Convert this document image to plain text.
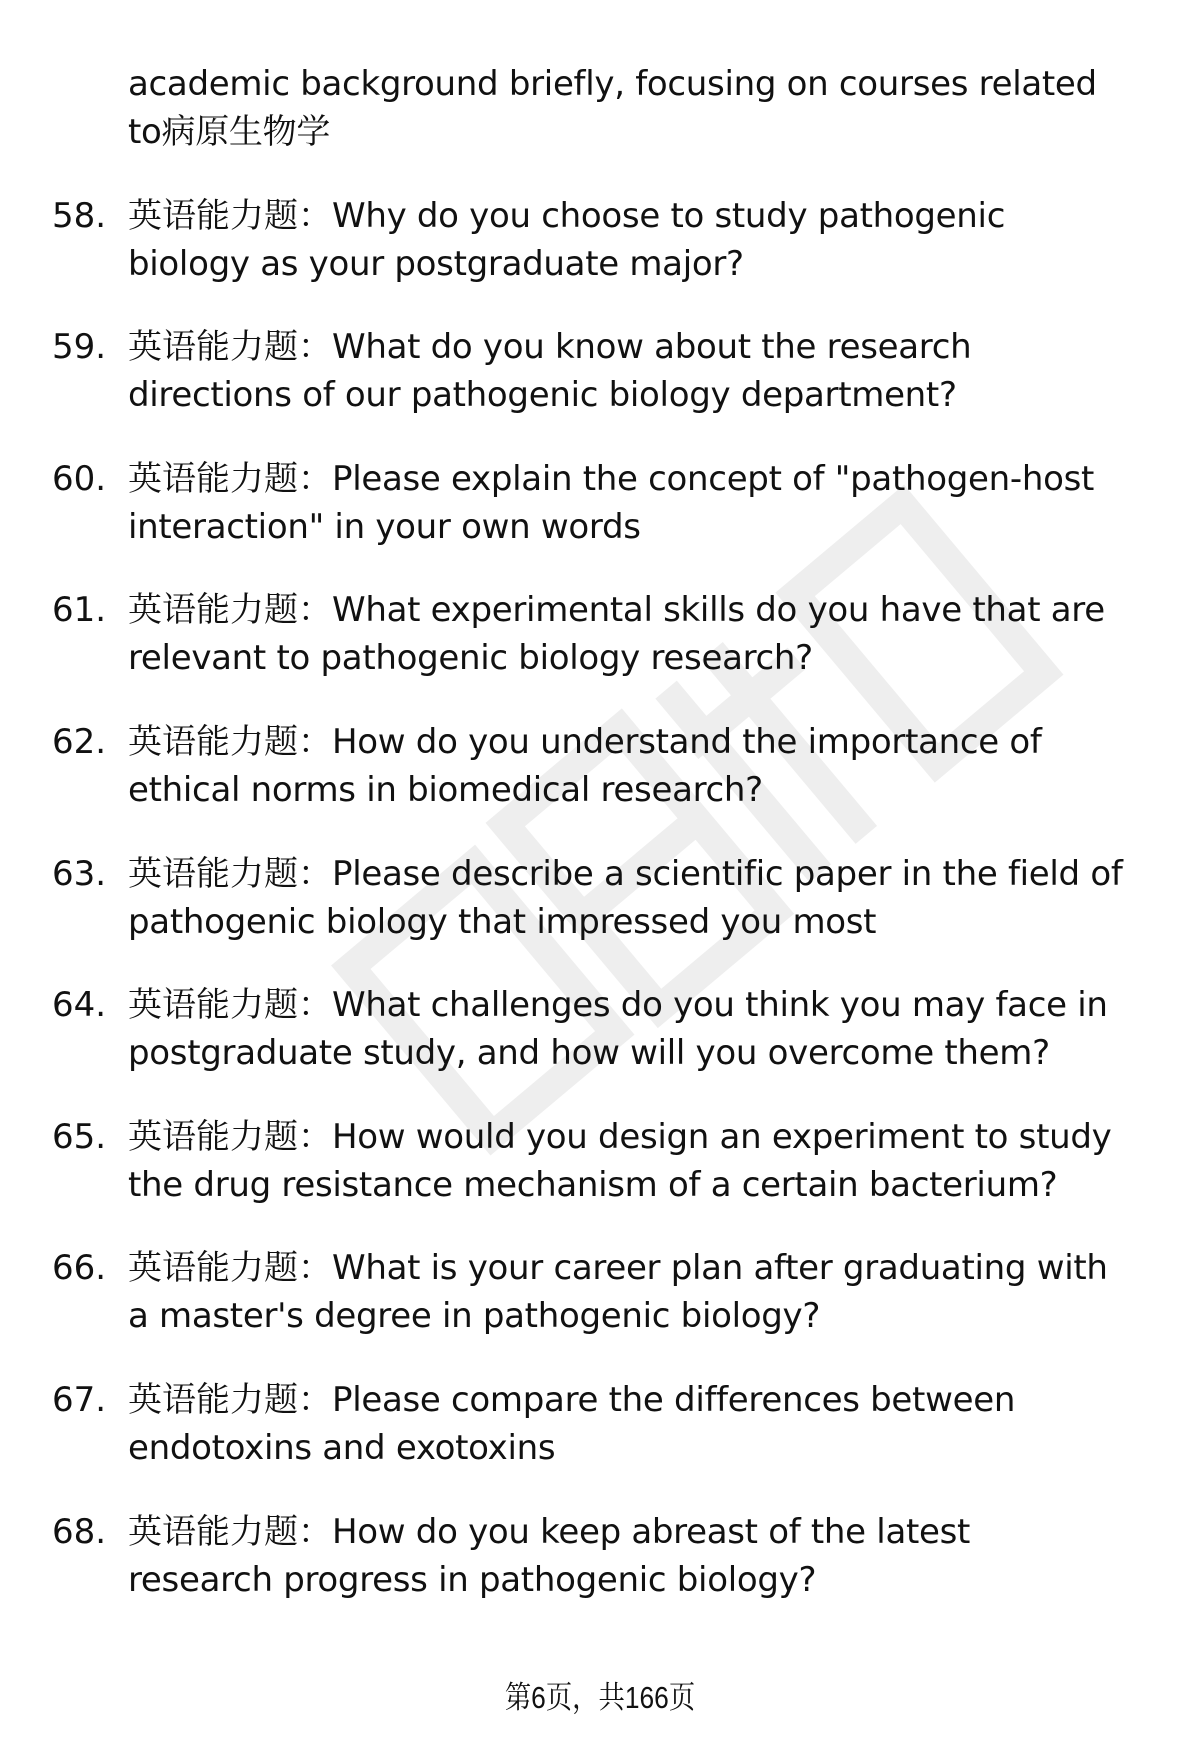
academic background briefly, focusing on courses related
to病原生物学
58. 英语能力题：Why do you choose to study pathogenic
biology as your postgraduate major?
59. 英语能力题：What do you know about the research
directions of our pathogenic biology department?
60. 英语能力题：Please explain the concept of "pathogen-host
interaction" in your own words
61. 英语能力题：What experimental skills do you have that are
relevant to pathogenic biology research?
62. 英语能力题：How do you understand the importance of
ethical norms in biomedical research?
63. 英语能力题：Please describe a scientific paper in the field of
pathogenic biology that impressed you most
64. 英语能力题：What challenges do you think you may face in
postgraduate study, and how will you overcome them?
65. 英语能力题：How would you design an experiment to study
the drug resistance mechanism of a certain bacterium?
66. 英语能力题：What is your career plan after graduating with
a master's degree in pathogenic biology?
67. 英语能力题：Please compare the differences between
endotoxins and exotoxins
68. 英语能力题：How do you keep abreast of the latest
research progress in pathogenic biology?
第6页，共166页
